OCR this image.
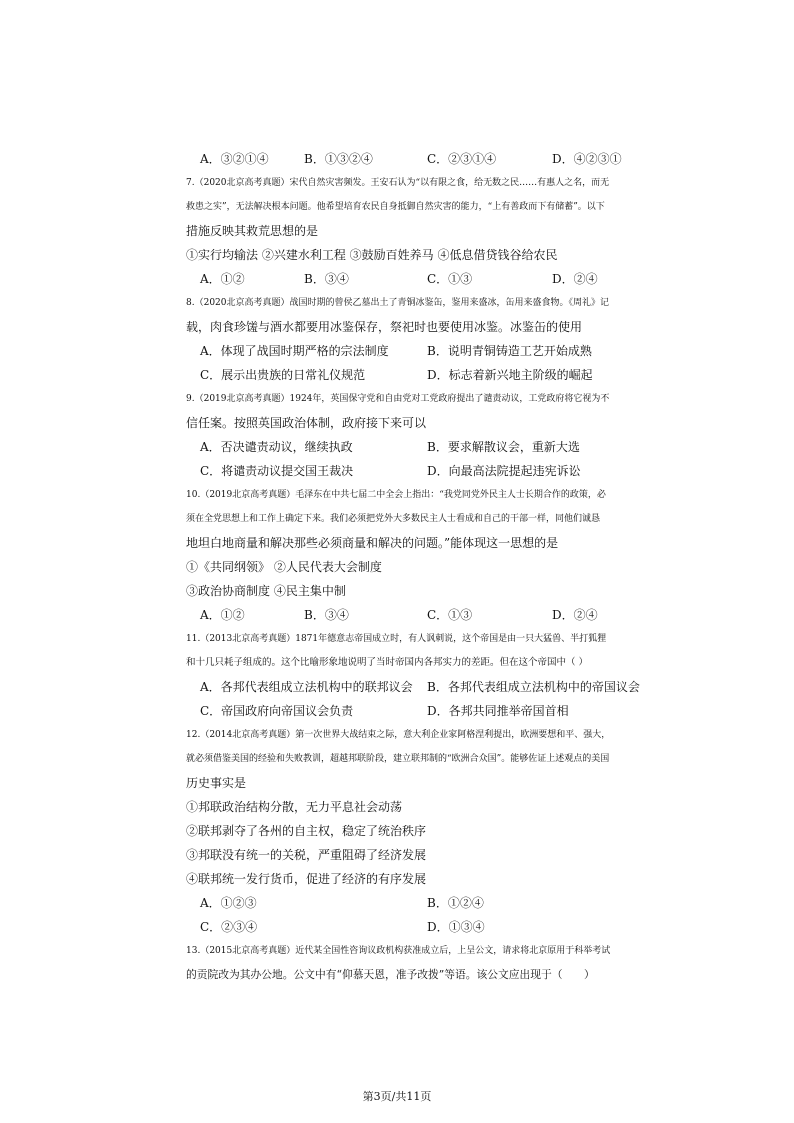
A．③②①④	B．①③②④	C．②③①④	D．④②③①
7.（2020北京高考真题）宋代自然灾害频发。王安石认为“以有限之食，给无数之民……有惠人之名，而无
救患之实”，无法解决根本问题。他希望培育农民自身抵御自然灾害的能力，“上有善政而下有储蓄”。以下
措施反映其救荒思想的是
①实行均输法 ②兴建水利工程 ③鼓励百姓养马 ④低息借贷钱谷给农民
A．①②	B．③④	C．①③	D．②④
8.（2020北京高考真题）战国时期的曾侯乙墓出土了青铜冰鉴缶，鉴用来盛冰，缶用来盛食物。《周礼》记
载，肉食珍馐与酒水都要用冰鉴保存，祭祀时也要使用冰鉴。冰鉴缶的使用
A．体现了战国时期严格的宗法制度	B．说明青铜铸造工艺开始成熟
C．展示出贵族的日常礼仪规范	D．标志着新兴地主阶级的崛起
9.（2019北京高考真题）1924年，英国保守党和自由党对工党政府提出了谴责动议，工党政府将它视为不
信任案。按照英国政治体制，政府接下来可以
A．否决谴责动议，继续执政	B．要求解散议会，重新大选
C．将谴责动议提交国王裁决	D．向最高法院提起违宪诉讼
10.（2019北京高考真题）毛泽东在中共七届二中全会上指出：“我党同党外民主人士长期合作的政策，必
须在全党思想上和工作上确定下来。我们必须把党外大多数民主人士看成和自己的干部一样，同他们诚恳
地坦白地商量和解决那些必须商量和解决的问题。”能体现这一思想的是
①《共同纲领》 ②人民代表大会制度
③政治协商制度 ④民主集中制
A．①②	B．③④	C．①③	D．②④
11.（2013北京高考真题）1871年德意志帝国成立时，有人讽刺说，这个帝国是由一只大猛兽、半打狐狸
和十几只耗子组成的。这个比喻形象地说明了当时帝国内各邦实力的差距。但在这个帝国中（ ）
A．各邦代表组成立法机构中的联邦议会 B．各邦代表组成立法机构中的帝国议会
C．帝国政府向帝国议会负责	D．各邦共同推举帝国首相
12.（2014北京高考真题）第一次世界大战结束之际，意大利企业家阿格涅利提出，欧洲要想和平、强大，
就必须借鉴美国的经验和失败教训，超越邦联阶段，建立联邦制的“欧洲合众国”。能够佐证上述观点的美国
历史事实是
①邦联政治结构分散，无力平息社会动荡
②联邦剥夺了各州的自主权，稳定了统治秩序
③邦联没有统一的关税，严重阻碍了经济发展
④联邦统一发行货币，促进了经济的有序发展
A．①②③	B．①②④
C．②③④	D．①③④
13.（2015北京高考真题）近代某全国性咨询议政机构获准成立后，上呈公文，请求将北京原用于科举考试
的贡院改为其办公地。公文中有“仰慕天恩，准予改拨”等语。该公文应出现于（　　）
第3页/共11页
